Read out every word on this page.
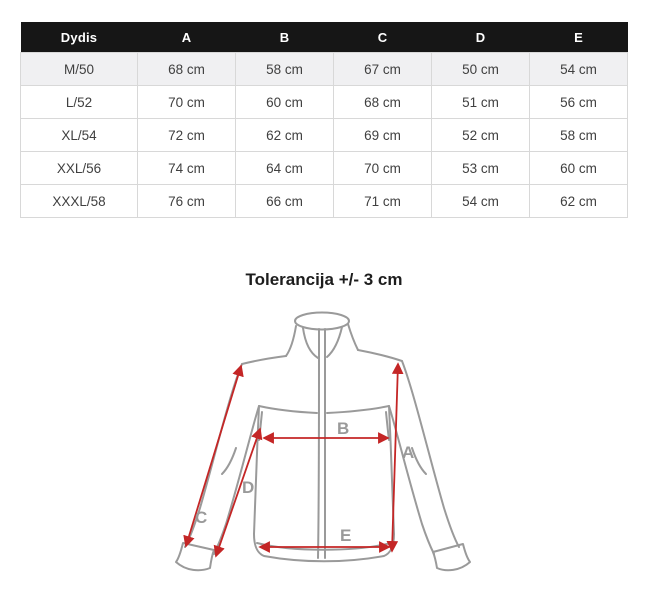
Dydis	A	B	C	D	E
M/50	68 cm	58 cm	67 cm	50 cm	54 cm
L/52	70 cm	60 cm	68 cm	51 cm	56 cm
XL/54	72 cm	62 cm	69 cm	52 cm	58 cm
XXL/56	74 cm	64 cm	70 cm	53 cm	60 cm
XXXL/58	76 cm	66 cm	71 cm	54 cm	62 cm
Tolerancija +/- 3 cm
B
A
D
C
E
